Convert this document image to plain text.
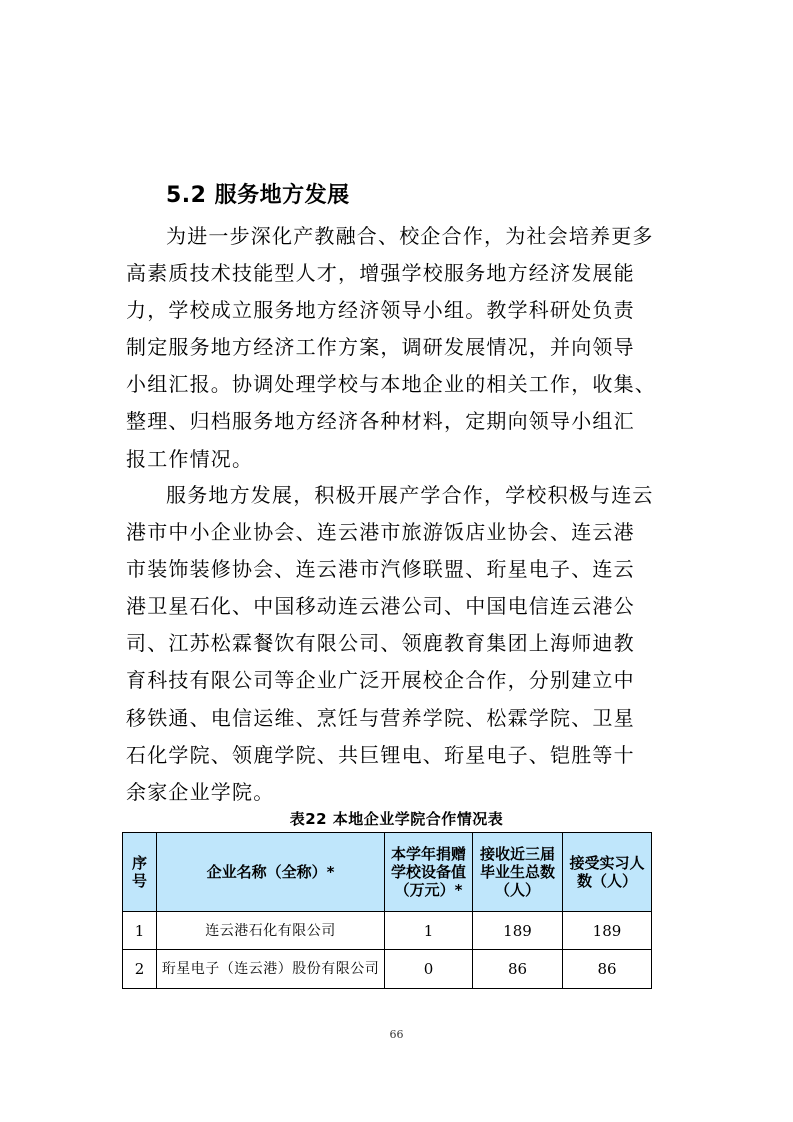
5.2 服务地方发展
为进一步深化产教融合、校企合作，为社会培养更多
高素质技术技能型人才，增强学校服务地方经济发展能
力，学校成立服务地方经济领导小组。教学科研处负责
制定服务地方经济工作方案，调研发展情况，并向领导
小组汇报。协调处理学校与本地企业的相关工作，收集、
整理、归档服务地方经济各种材料，定期向领导小组汇
报工作情况。
服务地方发展，积极开展产学合作，学校积极与连云
港市中小企业协会、连云港市旅游饭店业协会、连云港
市装饰装修协会、连云港市汽修联盟、珩星电子、连云
港卫星石化、中国移动连云港公司、中国电信连云港公
司、江苏松霖餐饮有限公司、领鹿教育集团上海师迪教
育科技有限公司等企业广泛开展校企合作，分别建立中
移铁通、电信运维、烹饪与营养学院、松霖学院、卫星
石化学院、领鹿学院、共巨锂电、珩星电子、铠胜等十
余家企业学院。
表22 本地企业学院合作情况表
序号	企业名称（全称）*	本学年捐赠学校设备值（万元）*	接收近三届毕业生总数（人）	接受实习人数（人）
1	连云港石化有限公司	1	189	189
2	珩星电子（连云港）股份有限公司	0	86	86
66
